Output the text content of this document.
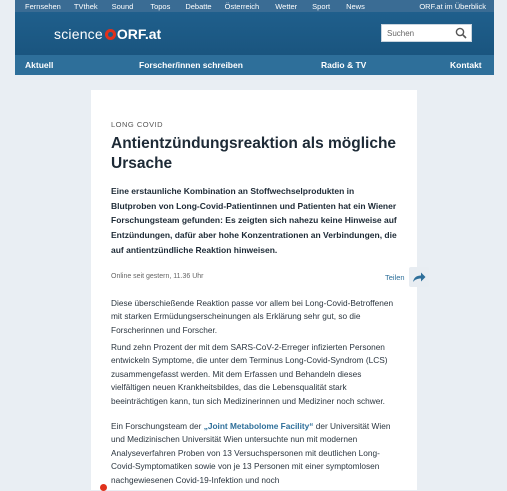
Fernsehen TVthek Sound Topos Debatte Österreich Wetter Sport News	ORF.at im Überblick
science ORF.at
Suchen
Aktuell	Forscher/innen schreiben	Radio & TV	Kontakt
LONG COVID
Antientzündungsreaktion als mögliche Ursache

Eine erstaunliche Kombination an Stoffwechselprodukten in Blutproben von Long-Covid-Patientinnen und Patienten hat ein Wiener Forschungsteam gefunden: Es zeigten sich nahezu keine Hinweise auf Entzündungen, dafür aber hohe Konzentrationen an Verbindungen, die auf antientzündliche Reaktion hinweisen.

Online seit gestern, 11.36 Uhr	Teilen

Diese überschießende Reaktion passe vor allem bei Long-Covid-Betroffenen mit starken Ermüdungserscheinungen als Erklärung sehr gut, so die Forscherinnen und Forscher.

Rund zehn Prozent der mit dem SARS-CoV-2-Erreger infizierten Personen entwickeln Symptome, die unter dem Terminus Long-Covid-Syndrom (LCS) zusammengefasst werden. Mit dem Erfassen und Behandeln dieses vielfältigen neuen Krankheitsbildes, das die Lebensqualität stark beeinträchtigen kann, tun sich Medizinerinnen und Mediziner noch schwer.

Ein Forschungsteam der „Joint Metabolome Facility“ der Universität Wien und Medizinischen Universität Wien untersuchte nun mit modernen Analyseverfahren Proben von 13 Versuchspersonen mit deutlichen Long-Covid-Symptomatiken sowie von je 13 Personen mit einer symptomlosen nachgewiesenen Covid-19-Infektion und noch
